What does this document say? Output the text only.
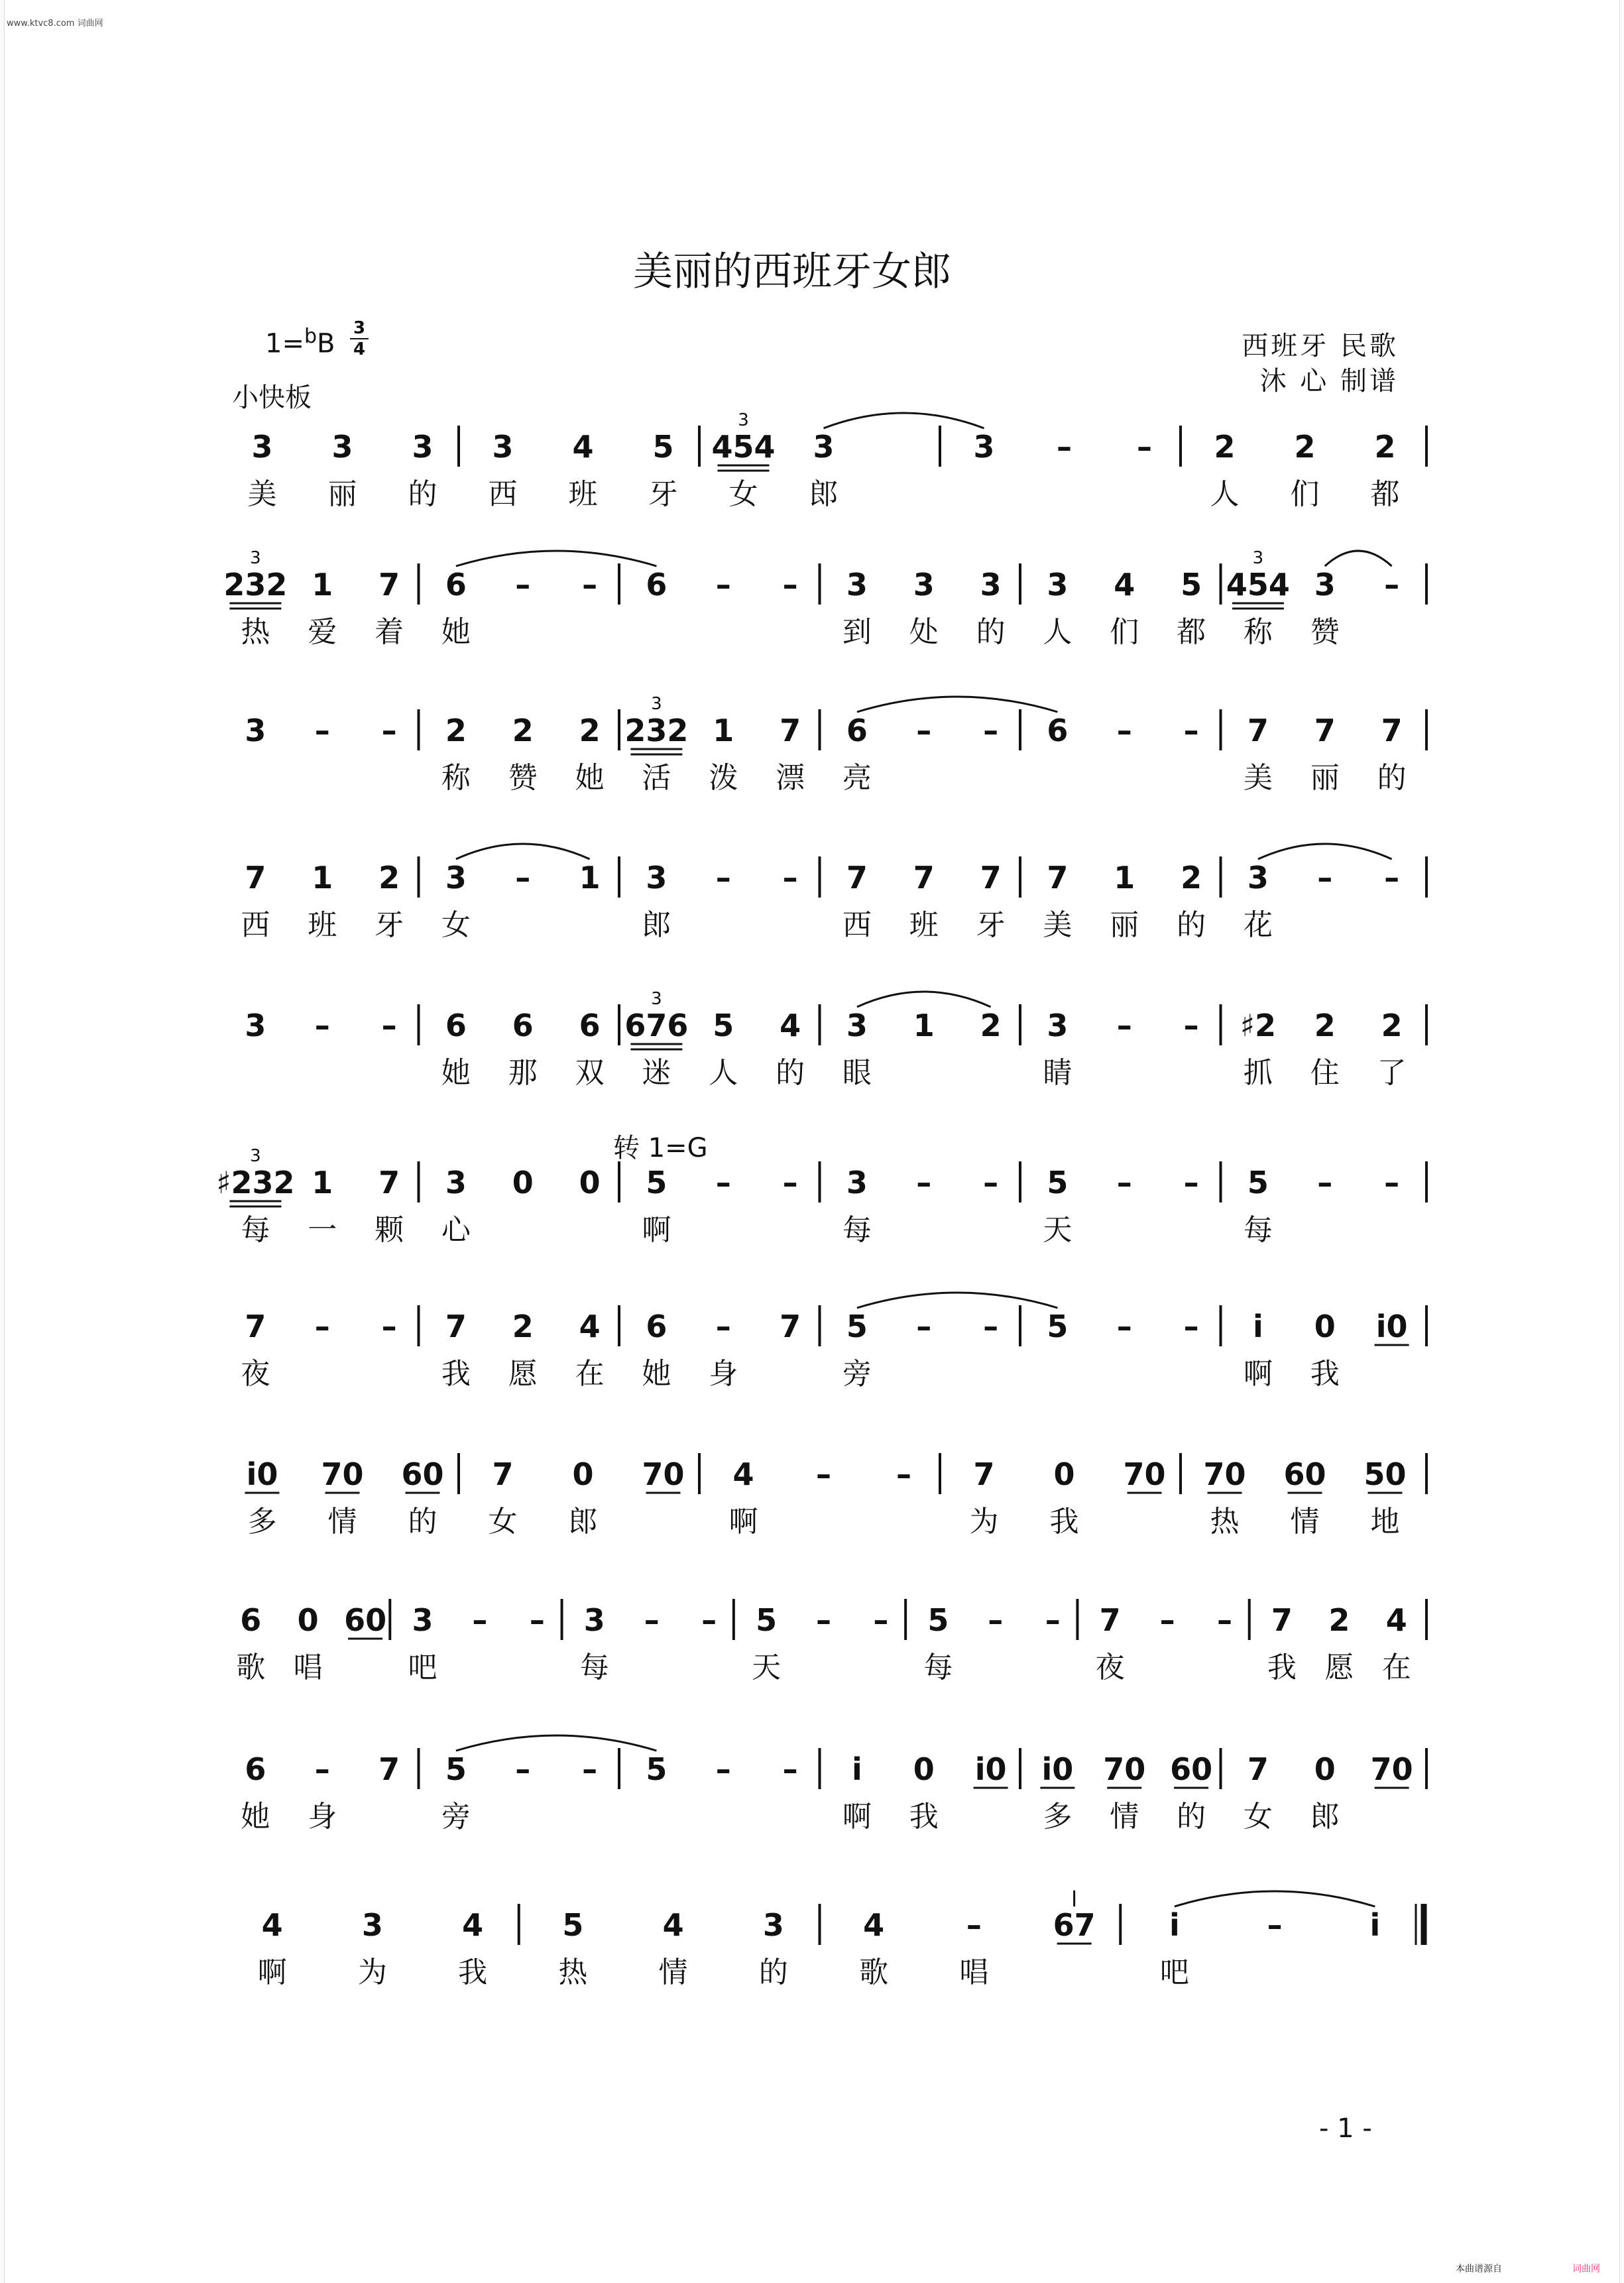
www.ktvc8.com 词曲网
美丽的西班牙女郎
1=$^b$B
3
4
小快板
西班牙 民歌
沐 心 制谱
转 1=G
3 3 3
美 丽 的
3 4 5
西 班 牙
454
3
3
女 郎
3 – – 2 2 2
人 们 都
232
3
1 7
热 爱 着
6 – –
她
6 – – 3 3 3
到 处 的
3 4 5
人 们 都
454
3
3 –
称 赞
3 – – 2 2 2
称 赞 她
232
3
1 7
活 泼 漂
6 – –
亮
6 – – 7 7 7
美 丽 的
7 1 2
西 班 牙
3 – 1
女
3 – –
郎
7 7 7
西 班 牙
7 1 2
美 丽 的
3 – –
花
3 – – 6 6 6
她 那 双
676
3
5 4
迷 人 的
3 1 2
眼
3 – –
睛
♯2 2 2
抓 住 了
♯232
3
1 7
每 一 颗
3 0 0
心
5 – –
啊
3 – –
每
5 – –
天
5 – –
每
7 – –
夜
7 2 4
我 愿 在
6 – 7
她 身
5 – –
旁
5 – – i 0 i0
啊 我
i0 70 60
多 情 的
7 0 70
女 郎
4 – –
啊
7 0 70
为 我
70 60 50
热 情 地
6 0 60
歌 唱
3 – –
吧
3 – –
每
5 – –
天
5 – –
每
7 – –
夜
7 2 4
我 愿 在
6 – 7
她 身
5 – –
旁
5 – – i 0 i0
啊 我
i0 70 60
多 情 的
7 0 70
女 郎
4	3	4
啊 为 我
5	4	3
热 情 的
4	– 67
歌 唱
i	–	i
吧
- 1 -
本曲谱源自	词曲网
